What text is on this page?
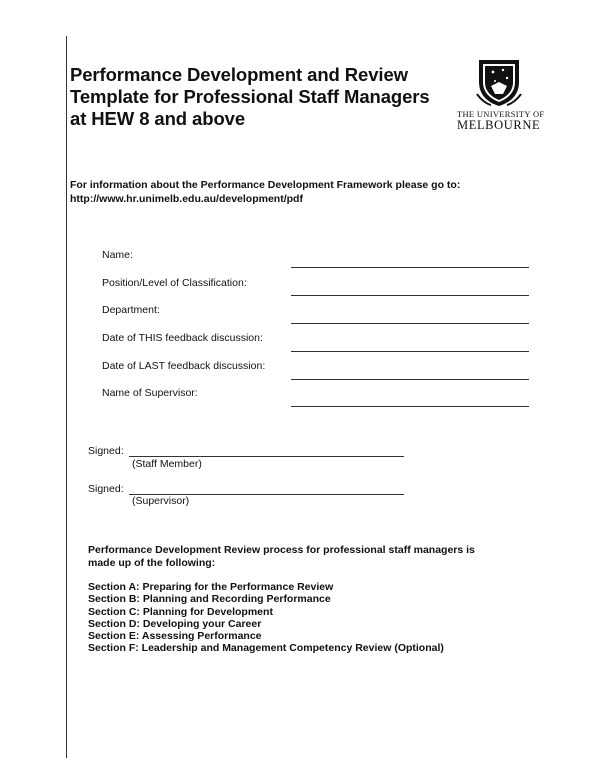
Performance Development and Review
Template for Professional Staff Managers
at HEW 8 and above	THE UNIVERSITY OF
MELBOURNE
For information about the Performance Development Framework please go to:
http://www.hr.unimelb.edu.au/development/pdf
Name:
Position/Level of Classification:
Department:
Date of THIS feedback discussion:
Date of LAST feedback discussion:
Name of Supervisor:
Signed:
(Staff Member)
Signed:
(Supervisor)
Performance Development Review process for professional staff managers is made up of the following:
Section A: Preparing for the Performance Review
Section B: Planning and Recording Performance
Section C: Planning for Development
Section D: Developing your Career
Section E: Assessing Performance
Section F: Leadership and Management Competency Review (Optional)
